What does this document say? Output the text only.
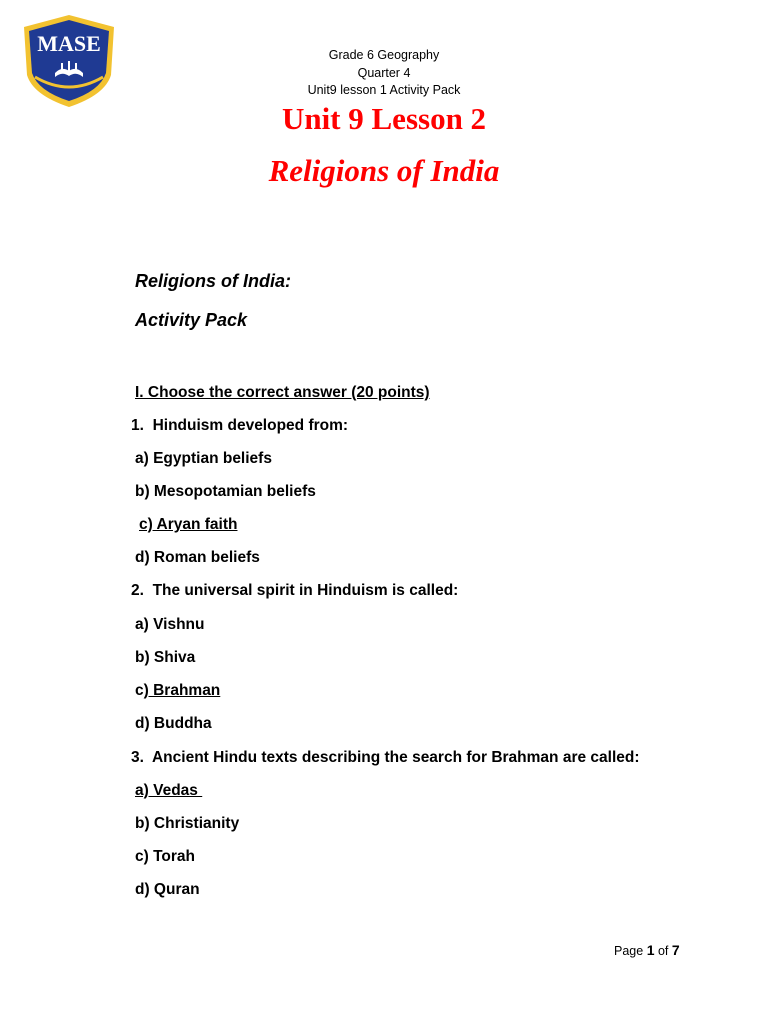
MASE	Grade 6 Geography
Quarter 4
Unit9 lesson 1 Activity Pack
Unit 9 Lesson 2
Religions of India
Religions of India:
Activity Pack
I. Choose the correct answer (20 points)
1. Hinduism developed from:
a) Egyptian beliefs
b) Mesopotamian beliefs
c) Aryan faith
d) Roman beliefs
2. The universal spirit in Hinduism is called:
a) Vishnu
b) Shiva
c) Brahman
d) Buddha
3. Ancient Hindu texts describing the search for Brahman are called:
a) Vedas
b) Christianity
c) Torah
d) Quran
Page 1 of 7
